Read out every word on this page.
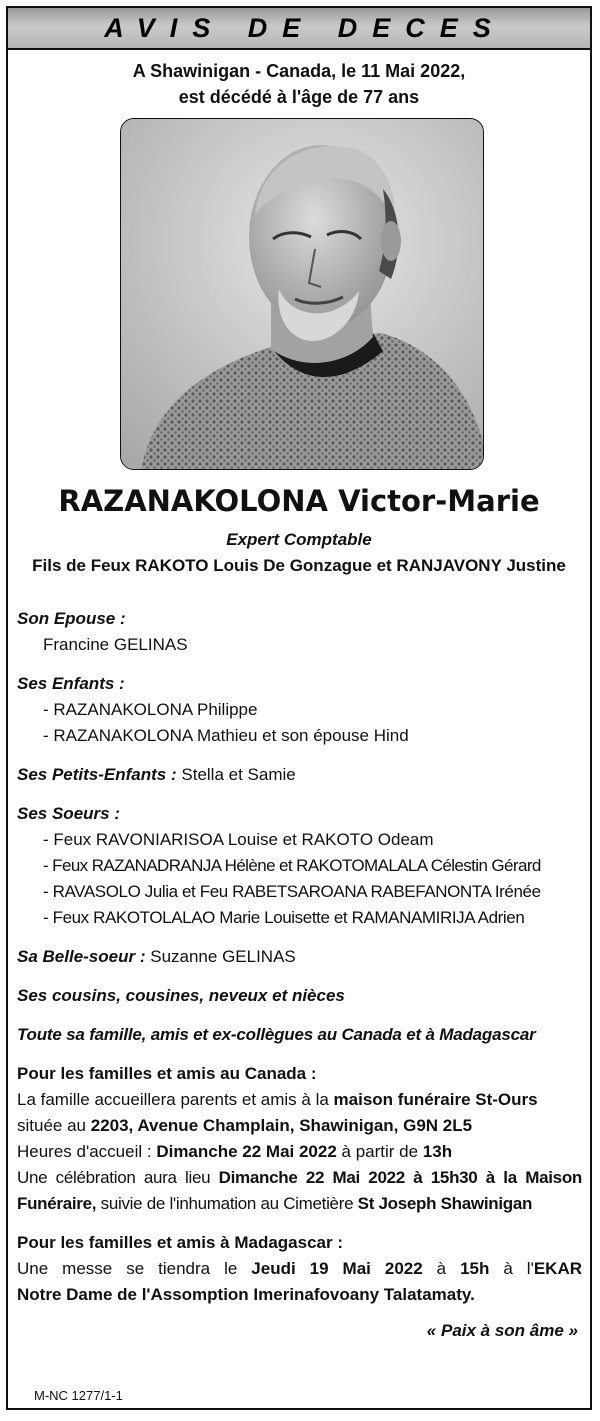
AVIS DE DECES
A Shawinigan - Canada, le 11 Mai 2022,
est décédé à l'âge de 77 ans
RAZANAKOLONA Victor-Marie
Expert Comptable
Fils de Feux RAKOTO Louis De Gonzague et RANJAVONY Justine
Son Epouse :
Francine GELINAS
Ses Enfants :
- RAZANAKOLONA Philippe
- RAZANAKOLONA Mathieu et son épouse Hind
Ses Petits-Enfants : Stella et Samie
Ses Soeurs :
- Feux RAVONIARISOA Louise et RAKOTO Odeam
- Feux RAZANADRANJA Hélène et RAKOTOMALALA Célestin Gérard
- RAVASOLO Julia et Feu RABETSAROANA RABEFANONTA Irénée
- Feux RAKOTOLALAO Marie Louisette et RAMANAMIRIJA Adrien
Sa Belle-soeur : Suzanne GELINAS
Ses cousins, cousines, neveux et nièces
Toute sa famille, amis et ex-collègues au Canada et à Madagascar
Pour les familles et amis au Canada :
La famille accueillera parents et amis à la maison funéraire St-Ours
située au 2203, Avenue Champlain, Shawinigan, G9N 2L5
Heures d'accueil : Dimanche 22 Mai 2022 à partir de 13h
Une célébration aura lieu Dimanche 22 Mai 2022 à 15h30 à la Maison Funéraire, suivie de l'inhumation au Cimetière St Joseph Shawinigan
Pour les familles et amis à Madagascar :
Une messe se tiendra le Jeudi 19 Mai 2022 à 15h à l'EKAR Notre Dame de l'Assomption Imerinafovoany Talatamaty.
« Paix à son âme »
M-NC 1277/1-1
